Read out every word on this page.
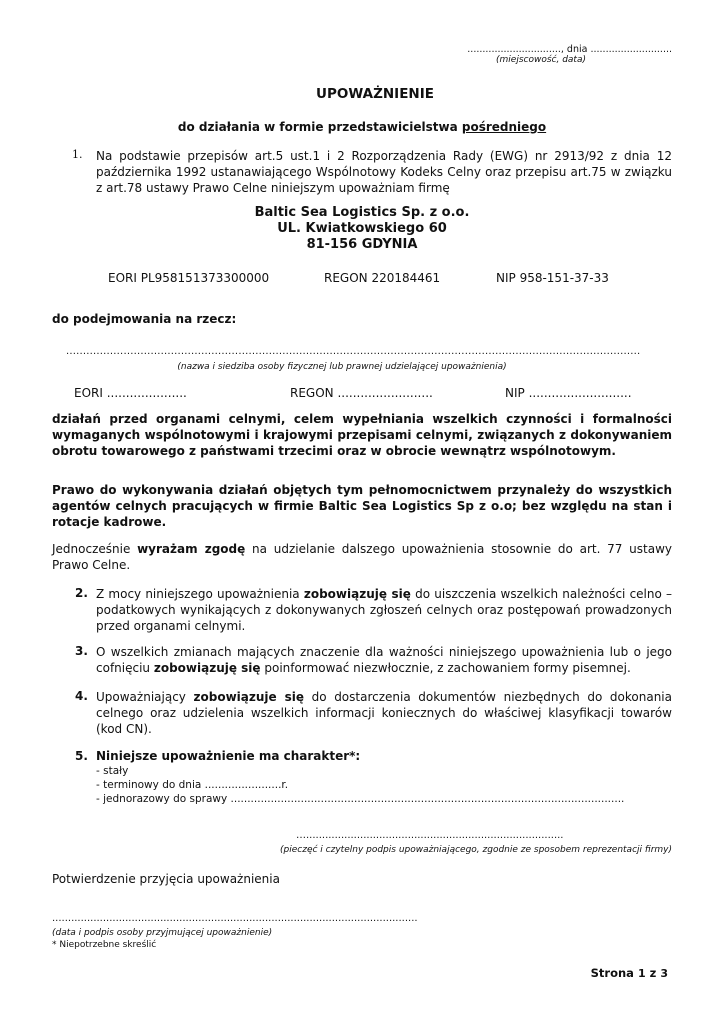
..............................., dnia ...........................
(miejscowość, data)
UPOWAŻNIENIE
do działania w formie przedstawicielstwa pośredniego
1. Na podstawie przepisów art.5 ust.1 i 2 Rozporządzenia Rady (EWG) nr 2913/92 z dnia 12 października 1992 ustanawiającego Wspólnotowy Kodeks Celny oraz przepisu art.75 w związku z art.78 ustawy Prawo Celne niniejszym upoważniam firmę
Baltic Sea Logistics Sp. z o.o.
UL. Kwiatkowskiego 60
81-156 GDYNIA
EORI PL958151373300000	REGON 220184461	NIP 958-151-37-33
do podejmowania na rzecz:
..........................................................................................................................................................................
(nazwa i siedziba osoby fizycznej lub prawnej udzielającej upoważnienia)
EORI .....................	REGON .........................	NIP ...........................
działań przed organami celnymi, celem wypełniania wszelkich czynności i formalności wymaganych wspólnotowymi i krajowymi przepisami celnymi, związanych z dokonywaniem obrotu towarowego z państwami trzecimi oraz w obrocie wewnątrz wspólnotowym.
Prawo do wykonywania działań objętych tym pełnomocnictwem przynależy do wszystkich agentów celnych pracujących w firmie Baltic Sea Logistics Sp z o.o; bez względu na stan i rotacje kadrowe.
Jednocześnie wyrażam zgodę na udzielanie dalszego upoważnienia stosownie do art. 77 ustawy Prawo Celne.
2. Z mocy niniejszego upoważnienia zobowiązuję się do uiszczenia wszelkich należności celno – podatkowych wynikających z dokonywanych zgłoszeń celnych oraz postępowań prowadzonych przed organami celnymi.
3. O wszelkich zmianach mających znaczenie dla ważności niniejszego upoważnienia lub o jego cofnięciu zobowiązuję się poinformować niezwłocznie, z zachowaniem formy pisemnej.
4. Upoważniający zobowiązuje się do dostarczenia dokumentów niezbędnych do dokonania celnego oraz udzielenia wszelkich informacji koniecznych do właściwej klasyfikacji towarów (kod CN).
5. Niniejsze upoważnienie ma charakter*:
- stały
- terminowy do dnia .......................r.
- jednorazowy do sprawy ......................................................................................................................
….................................................................................
(pieczęć i czytelny podpis upoważniającego, zgodnie ze sposobem reprezentacji firmy)
Potwierdzenie przyjęcia upoważnienia
...................................................................................................................
(data i podpis osoby przyjmującej upoważnienie)
* Niepotrzebne skreślić
Strona 1 z 3
